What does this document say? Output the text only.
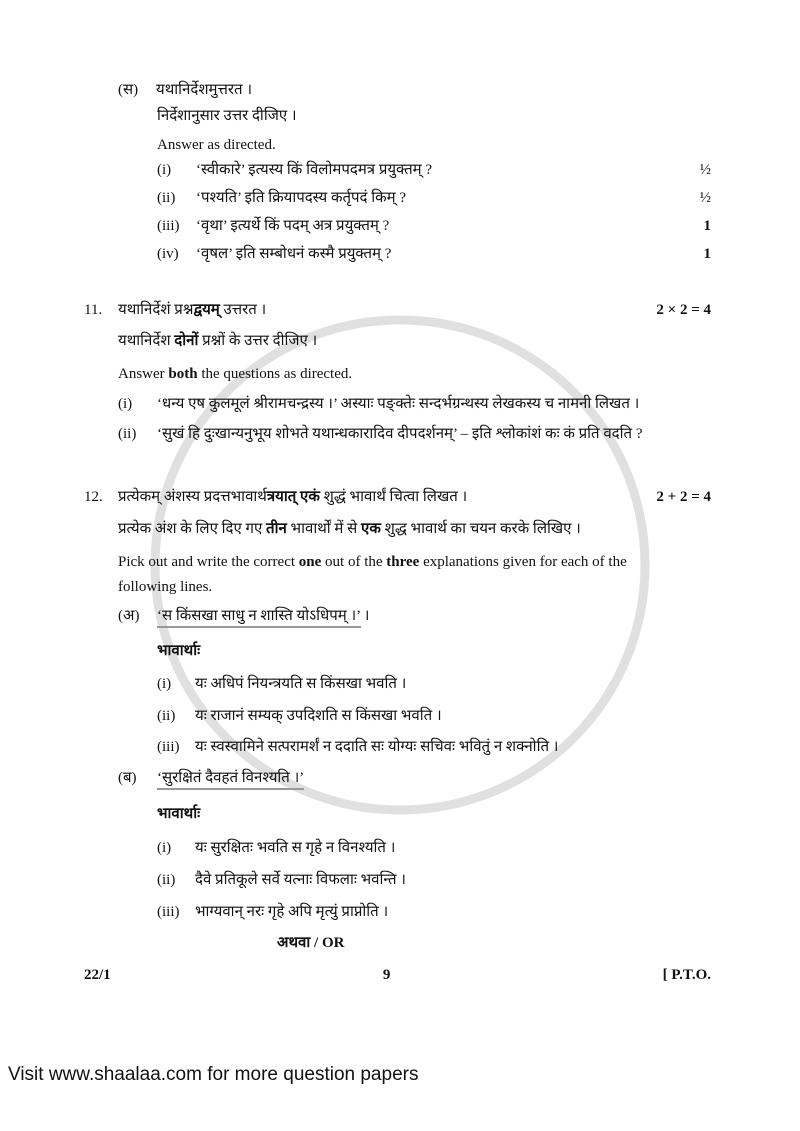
(स)	यथानिर्देशमुत्तरत ।
निर्देशानुसार उत्तर दीजिए ।
Answer as directed.
(i)	‘स्वीकारे’ इत्यस्य किं विलोमपदमत्र प्रयुक्तम् ?	½
(ii)	‘पश्यति’ इति क्रियापदस्य कर्तृपदं किम् ?	½
(iii)	‘वृथा’ इत्यर्थे किं पदम् अत्र प्रयुक्तम् ?	1
(iv)	‘वृषल’ इति सम्बोधनं कस्मै प्रयुक्तम् ?	1
11.	यथानिर्देशं प्रश्नद्वयम् उत्तरत ।	2 × 2 = 4
यथानिर्देश दोनों प्रश्नों के उत्तर दीजिए ।
Answer both the questions as directed.
(i)	‘धन्य एष कुलमूलं श्रीरामचन्द्रस्य ।’ अस्याः पङ्क्तेः सन्दर्भग्रन्थस्य लेखकस्य च नामनी लिखत ।
(ii)	‘सुखं हि दुःखान्यनुभूय शोभते यथान्धकारादिव दीपदर्शनम्’ – इति श्लोकांशं कः कं प्रति वदति ?
12.	प्रत्येकम् अंशस्य प्रदत्तभावार्थत्रयात् एकं शुद्धं भावार्थं चित्वा लिखत ।	2 + 2 = 4
प्रत्येक अंश के लिए दिए गए तीन भावार्थों में से एक शुद्ध भावार्थ का चयन करके लिखिए ।
Pick out and write the correct one out of the three explanations given for each of the
following lines.
(अ)	‘स किंसखा साधु न शास्ति योऽधिपम् ।’ ।
भावार्थाः
(i)	यः अधिपं नियन्त्रयति स किंसखा भवति ।
(ii)	यः राजानं सम्यक् उपदिशति स किंसखा भवति ।
(iii)	यः स्वस्वामिने सत्परामर्शं न ददाति सः योग्यः सचिवः भवितुं न शक्नोति ।
(ब)	‘सुरक्षितं दैवहतं विनश्यति ।’
भावार्थाः
(i)	यः सुरक्षितः भवति स गृहे न विनश्यति ।
(ii)	दैवे प्रतिकूले सर्वे यत्नाः विफलाः भवन्ति ।
(iii)	भाग्यवान् नरः गृहे अपि मृत्युं प्राप्नोति ।
अथवा / OR
22/1	9	[ P.T.O.
Visit www.shaalaa.com for more question papers
